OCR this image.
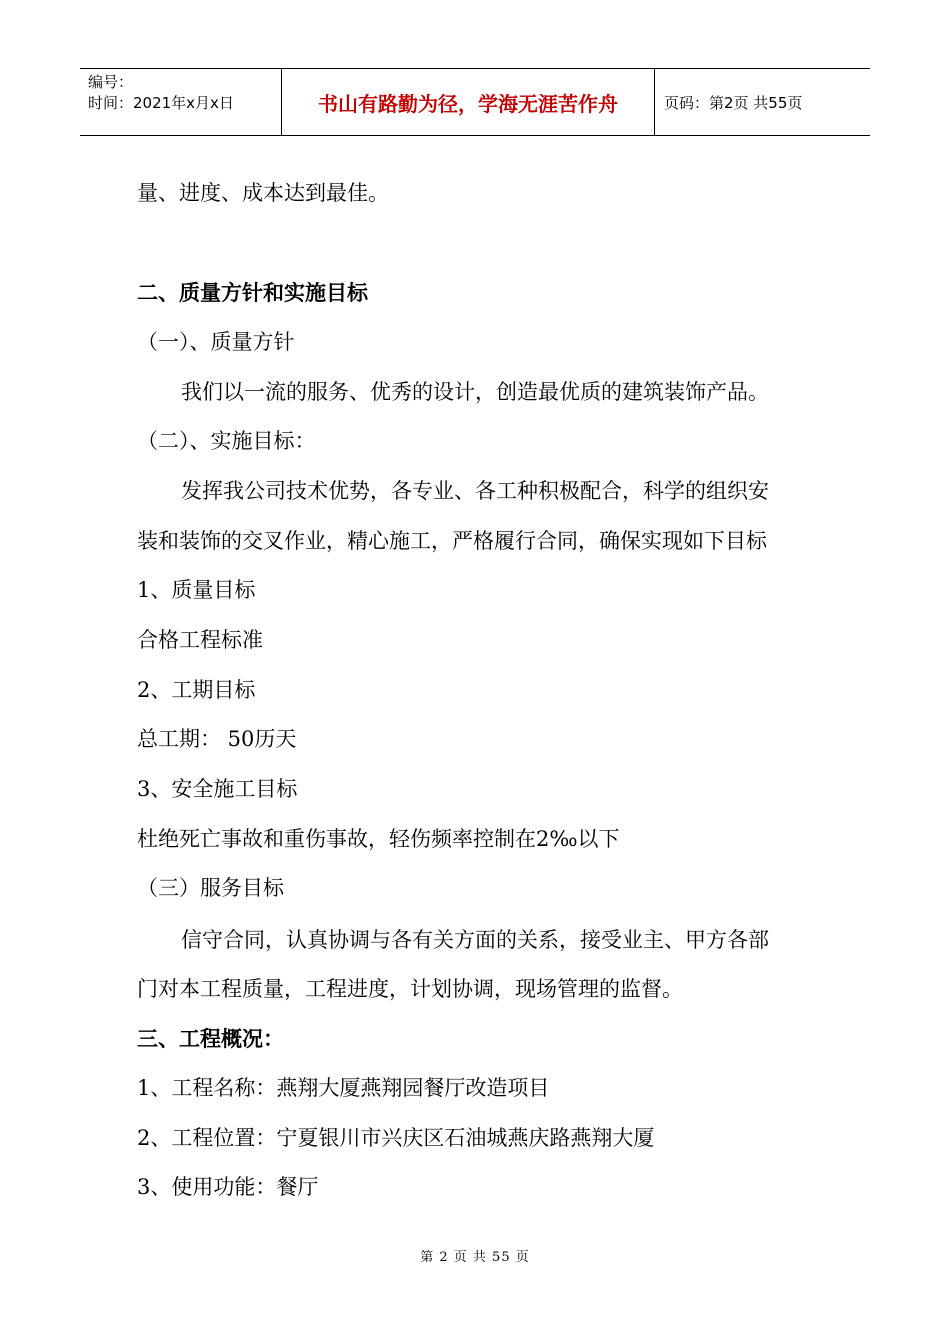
编号：
时间：2021年x月x日	书山有路勤为径，学海无涯苦作舟	页码：第2页 共55页
量、进度、成本达到最佳。
二、质量方针和实施目标
（一）、质量方针
我们以一流的服务、优秀的设计，创造最优质的建筑装饰产品。
（二）、实施目标：
发挥我公司技术优势，各专业、各工种积极配合，科学的组织安
装和装饰的交叉作业，精心施工，严格履行合同，确保实现如下目标
1、质量目标
合格工程标准
2、工期目标
总工期： 50历天
3、安全施工目标
杜绝死亡事故和重伤事故，轻伤频率控制在2‰以下
（三）服务目标
信守合同，认真协调与各有关方面的关系，接受业主、甲方各部
门对本工程质量，工程进度，计划协调，现场管理的监督。
三、工程概况：
1、工程名称：燕翔大厦燕翔园餐厅改造项目
2、工程位置：宁夏银川市兴庆区石油城燕庆路燕翔大厦
3、使用功能：餐厅
第 2 页 共 55 页
